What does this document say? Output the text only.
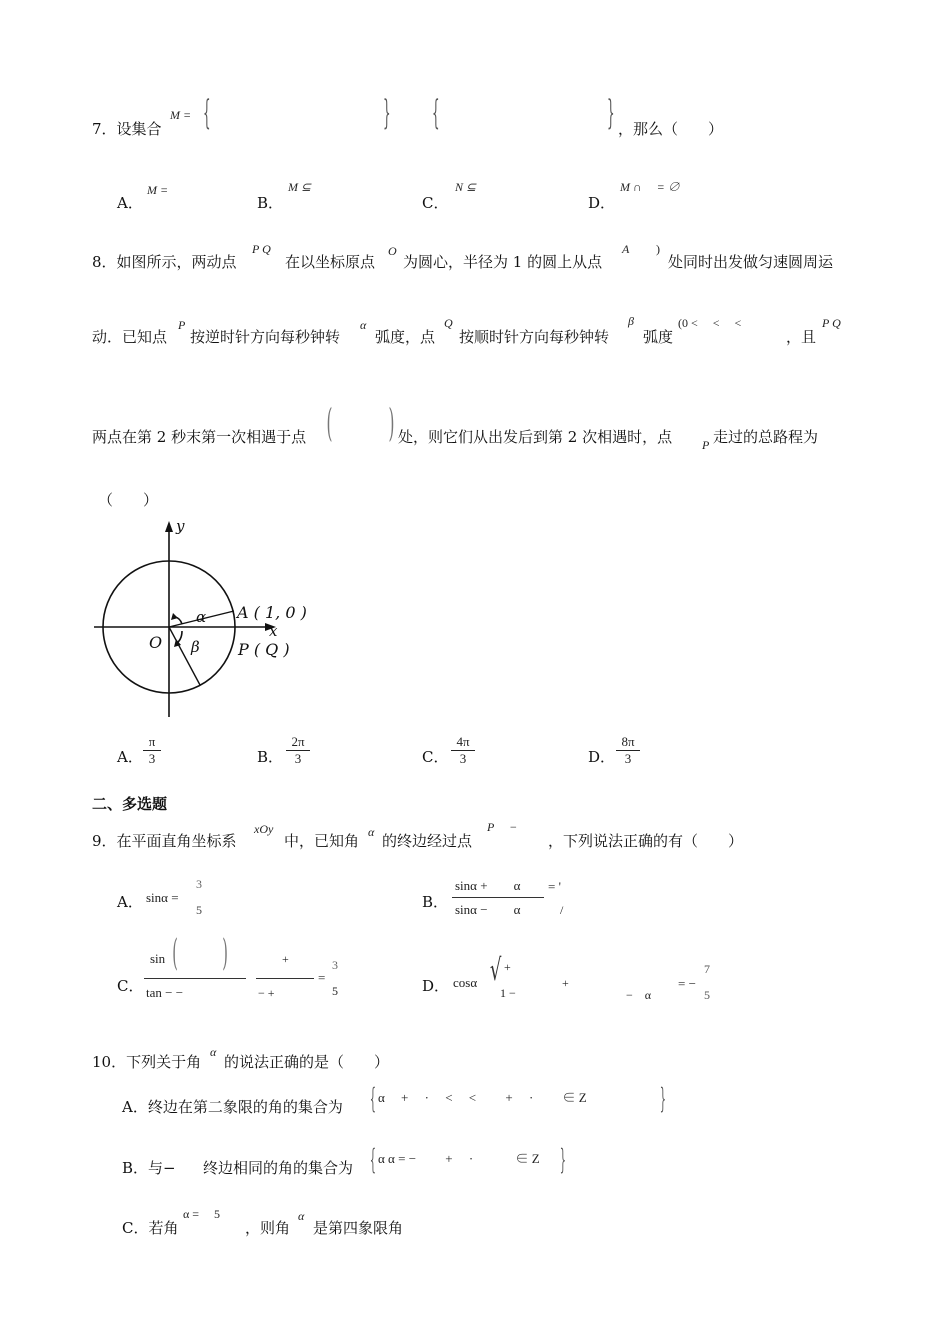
7．设集合
M = {	} {	} ，那么（　　）
A．
M =
B．
M ⊆
C．
N ⊆
D．
M ∩　 = ∅
8．如图所示，两动点
P Q
在以坐标原点
O
为圆心，半径为 1 的圆上从点
A )
处同时出发做匀速圆周运
动．已知点
P
按逆时针方向每秒钟转
α
弧度，点
Q
按顺时针方向每秒钟转
β
弧度
(0 <　 <　 <
，且
P Q
两点在第 2 秒末第一次相遇于点 ( ) 处，则它们从出发后到第 2 次相遇时，点 P 走过的总路程为
（　　）
y
x
O
A ( 1, 0 )
P ( Q )
α
β
A． $\frac{\pi}{3}$	B． $\frac{2\pi}{3}$	C． $\frac{4\pi}{3}$	D． $\frac{8\pi}{3}$
二、多选题
9．在平面直角坐标系
xOy
中，已知角 α 的终边经过点
P　 −
，下列说法正确的有（　　）
A． sinα =
3
5	B．
sinα +　　α
sinα −　　α
= '
/
C．
sin ( )
tan − −
+
− +
=
3
5	D． cosα √ +
1 −
+
−　α
= −
7
5
10．下列关于角
α
的说法正确的是（　　）
A．终边在第二象限的角的集合为 { α　 +　 ·　 <　 <　　 +　 ·　　 ∈ Z	}
B．与− 终边相同的角的集合为 { α α = −　　 +　 ·　　　 ∈ Z }
C．若角
α =　 5
，则角
α
是第四象限角
